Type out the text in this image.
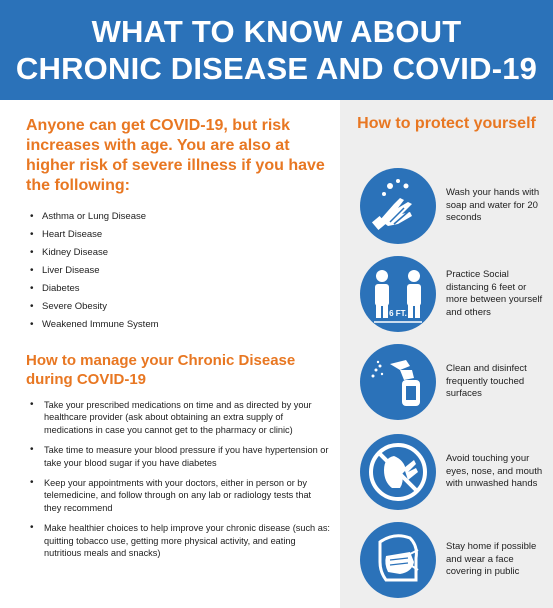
WHAT TO KNOW ABOUT
CHRONIC DISEASE AND COVID-19
Anyone can get COVID-19, but risk increases with age. You are also at higher risk of severe illness if you have the following:
• Asthma or Lung Disease
• Heart Disease
• Kidney Disease
• Liver Disease
• Diabetes
• Severe Obesity
• Weakened Immune System
How to manage your Chronic Disease during COVID-19
• Take your prescribed medications on time and as directed by your healthcare provider (ask about obtaining an extra supply of medications in case you cannot get to the pharmacy or clinic)
• Take time to measure your blood pressure if you have hypertension or take your blood sugar if you have diabetes
• Keep your appointments with your doctors, either in person or by telemedicine, and follow through on any lab or radiology tests that they recommend
• Make healthier choices to help improve your chronic disease (such as: quitting tobacco use, getting more physical activity, and eating nutritious meals and snacks)
How to protect yourself
Wash your hands with soap and water for 20 seconds
6 FT.
Practice Social distancing 6 feet or more between yourself and others
Clean and disinfect frequently touched surfaces
Avoid touching your eyes, nose, and mouth with unwashed hands
Stay home if possible and wear a face covering in public
